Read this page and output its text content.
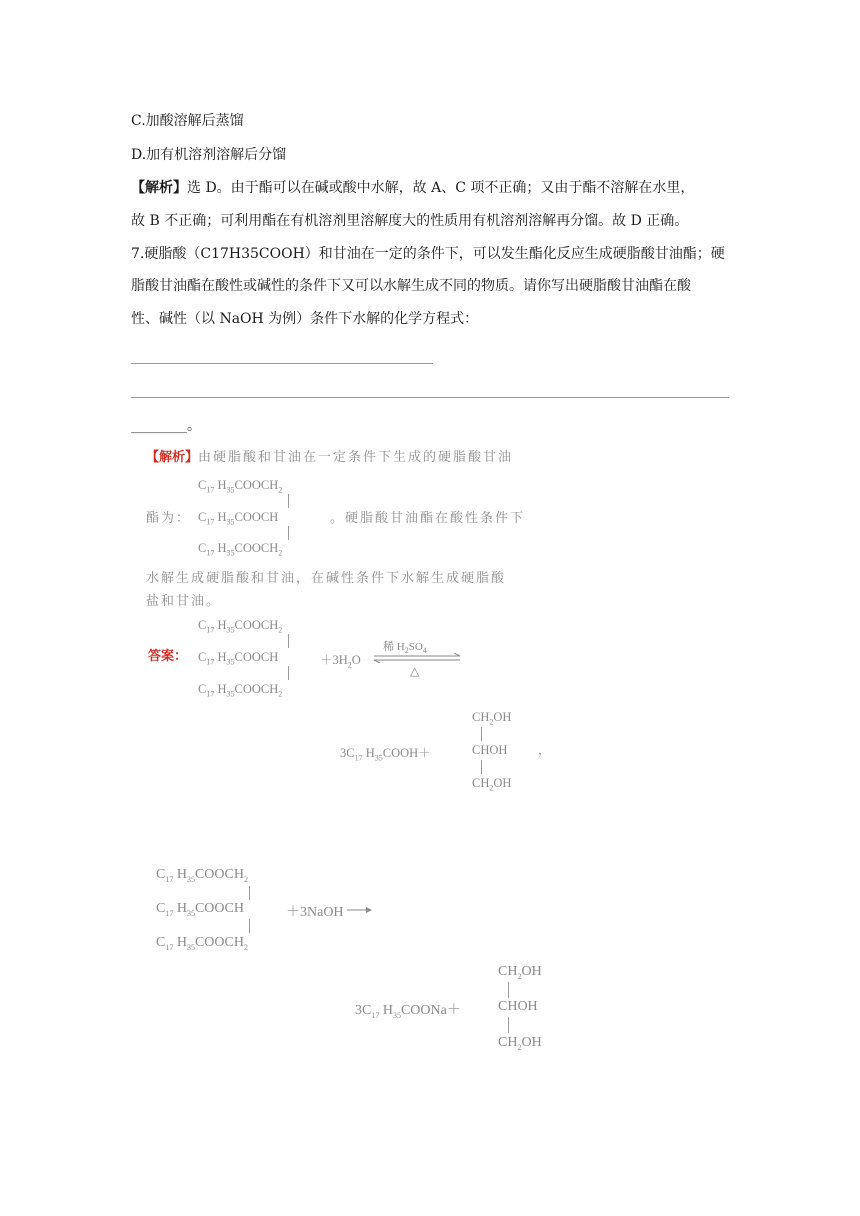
C.加酸溶解后蒸馏
D.加有机溶剂溶解后分馏
【解析】选 D。由于酯可以在碱或酸中水解，故 A、C 项不正确；又由于酯不溶解在水里，
故 B 不正确；可利用酯在有机溶剂里溶解度大的性质用有机溶剂溶解再分馏。故 D 正确。
7.硬脂酸（C17H35COOH）和甘油在一定的条件下，可以发生酯化反应生成硬脂酸甘油酯；硬
脂酸甘油酯在酸性或碱性的条件下又可以水解生成不同的物质。请你写出硬脂酸甘油酯在酸
性、碱性（以 NaOH 为例）条件下水解的化学方程式：
________。
【解析】由硬脂酸和甘油在一定条件下生成的硬脂酸甘油
$C_{17}$ $H_{35}COOCH_2$
酯为： $C_{17}$ $H_{35}COOCH$	。硬脂酸甘油酯在酸性条件下
$C_{17}$ $H_{35}COOCH_2$
水解生成硬脂酸和甘油，在碱性条件下水解生成硬脂酸
盐和甘油。
$C_{17}$ $H_{35}COOCH_2$
答案： $C_{17}$ $H_{35}COOCH$	$+3H_2O$
稀 $H_2SO_4$
△
$C_{17}$ $H_{35}COOCH_2$
$CH_2OH$
$3C_{17}$ $H_{35}COOH+$	CHOH ，
$CH_2OH$
$C_{17}$ $H_{35}COOCH_2$
$C_{17}$ $H_{35}COOCH$	＋3NaOH
$C_{17}$ $H_{35}COOCH_2$
$CH_2OH$
$3C_{17}$ $H_{35}COONa+$	CHOH
$CH_2OH$
